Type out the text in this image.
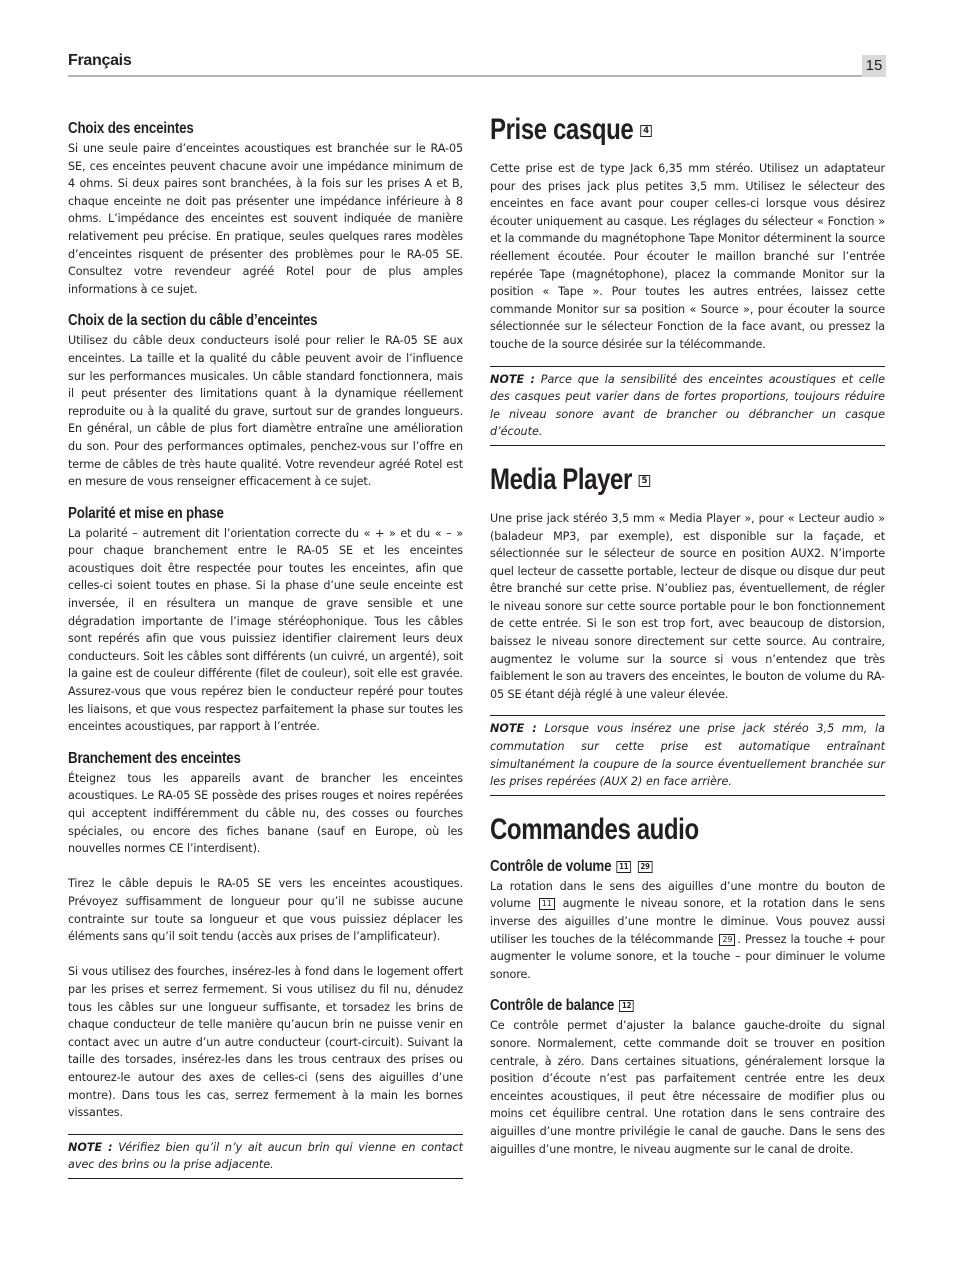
Français	15
Choix des enceintes

Si une seule paire d’enceintes acoustiques est branchée sur le RA-05 SE, ces enceintes peuvent chacune avoir une impédance minimum de 4 ohms. Si deux paires sont branchées, à la fois sur les prises A et B, chaque enceinte ne doit pas présenter une impédance inférieure à 8 ohms. L’impédance des enceintes est souvent indiquée de manière relativement peu précise. En pratique, seules quelques rares modèles d’enceintes risquent de présenter des problèmes pour le RA-05 SE. Consultez votre revendeur agréé Rotel pour de plus amples informations à ce sujet.

Choix de la section du câble d’enceintes

Utilisez du câble deux conducteurs isolé pour relier le RA-05 SE aux enceintes. La taille et la qualité du câble peuvent avoir de l’influence sur les performances musicales. Un câble standard fonctionnera, mais il peut présenter des limitations quant à la dynamique réellement reproduite ou à la qualité du grave, surtout sur de grandes longueurs. En général, un câble de plus fort diamètre entraîne une amélioration du son. Pour des performances optimales, penchez-vous sur l’offre en terme de câbles de très haute qualité. Votre revendeur agréé Rotel est en mesure de vous renseigner efficacement à ce sujet.

Polarité et mise en phase

La polarité – autrement dit l’orientation correcte du « + » et du « – » pour chaque branchement entre le RA-05 SE et les enceintes acoustiques doit être respectée pour toutes les enceintes, afin que celles-ci soient toutes en phase. Si la phase d’une seule enceinte est inversée, il en résultera un manque de grave sensible et une dégradation importante de l’image stéréophonique. Tous les câbles sont repérés afin que vous puissiez identifier clairement leurs deux conducteurs. Soit les câbles sont différents (un cuivré, un argenté), soit la gaine est de couleur différente (filet de couleur), soit elle est gravée. Assurez-vous que vous repérez bien le conducteur repéré pour toutes les liaisons, et que vous respectez parfaitement la phase sur toutes les enceintes acoustiques, par rapport à l’entrée.

Branchement des enceintes

Éteignez tous les appareils avant de brancher les enceintes acoustiques. Le RA-05 SE possède des prises rouges et noires repérées qui acceptent indifféremment du câble nu, des cosses ou fourches spéciales, ou encore des fiches banane (sauf en Europe, où les nouvelles normes CE l’interdisent).

Tirez le câble depuis le RA-05 SE vers les enceintes acoustiques. Prévoyez suffisamment de longueur pour qu’il ne subisse aucune contrainte sur toute sa longueur et que vous puissiez déplacer les éléments sans qu’il soit tendu (accès aux prises de l’amplificateur).

Si vous utilisez des fourches, insérez-les à fond dans le logement offert par les prises et serrez fermement. Si vous utilisez du fil nu, dénudez tous les câbles sur une longueur suffisante, et torsadez les brins de chaque conducteur de telle manière qu’aucun brin ne puisse venir en contact avec un autre d’un autre conducteur (court-circuit). Suivant la taille des torsades, insérez-les dans les trous centraux des prises ou entourez-le autour des axes de celles-ci (sens des aiguilles d’une montre). Dans tous les cas, serrez fermement à la main les bornes vissantes.

NOTE : Vérifiez bien qu’il n’y ait aucun brin qui vienne en contact avec des brins ou la prise adjacente.
Prise casque 4

Cette prise est de type Jack 6,35 mm stéréo. Utilisez un adaptateur pour des prises jack plus petites 3,5 mm. Utilisez le sélecteur des enceintes en face avant pour couper celles-ci lorsque vous désirez écouter uniquement au casque. Les réglages du sélecteur « Fonction » et la commande du magnétophone Tape Monitor déterminent la source réellement écoutée. Pour écouter le maillon branché sur l’entrée repérée Tape (magnétophone), placez la commande Monitor sur la position « Tape ». Pour toutes les autres entrées, laissez cette commande Monitor sur sa position « Source », pour écouter la source sélectionnée sur le sélecteur Fonction de la face avant, ou pressez la touche de la source désirée sur la télécommande.

NOTE : Parce que la sensibilité des enceintes acoustiques et celle des casques peut varier dans de fortes proportions, toujours réduire le niveau sonore avant de brancher ou débrancher un casque d’écoute.
Media Player 5

Une prise jack stéréo 3,5 mm « Media Player », pour « Lecteur audio » (baladeur MP3, par exemple), est disponible sur la façade, et sélectionnée sur le sélecteur de source en position AUX2. N’importe quel lecteur de cassette portable, lecteur de disque ou disque dur peut être branché sur cette prise. N’oubliez pas, éventuellement, de régler le niveau sonore sur cette source portable pour le bon fonctionnement de cette entrée. Si le son est trop fort, avec beaucoup de distorsion, baissez le niveau sonore directement sur cette source. Au contraire, augmentez le volume sur la source si vous n’entendez que très faiblement le son au travers des enceintes, le bouton de volume du RA-05 SE étant déjà réglé à une valeur élevée.

NOTE : Lorsque vous insérez une prise jack stéréo 3,5 mm, la commutation sur cette prise est automatique entraînant simultanément la coupure de la source éventuellement branchée sur les prises repérées (AUX 2) en face arrière.
Commandes audio
Contrôle de volume 11 29

La rotation dans le sens des aiguilles d’une montre du bouton de volume 11 augmente le niveau sonore, et la rotation dans le sens inverse des aiguilles d’une montre le diminue. Vous pouvez aussi utiliser les touches de la télécommande 29 . Pressez la touche + pour augmenter le volume sonore, et la touche – pour diminuer le volume sonore.

Contrôle de balance 12

Ce contrôle permet d’ajuster la balance gauche-droite du signal sonore. Normalement, cette commande doit se trouver en position centrale, à zéro. Dans certaines situations, généralement lorsque la position d’écoute n’est pas parfaitement centrée entre les deux enceintes acoustiques, il peut être nécessaire de modifier plus ou moins cet équilibre central. Une rotation dans le sens contraire des aiguilles d’une montre privilégie le canal de gauche. Dans le sens des aiguilles d’une montre, le niveau augmente sur le canal de droite.
